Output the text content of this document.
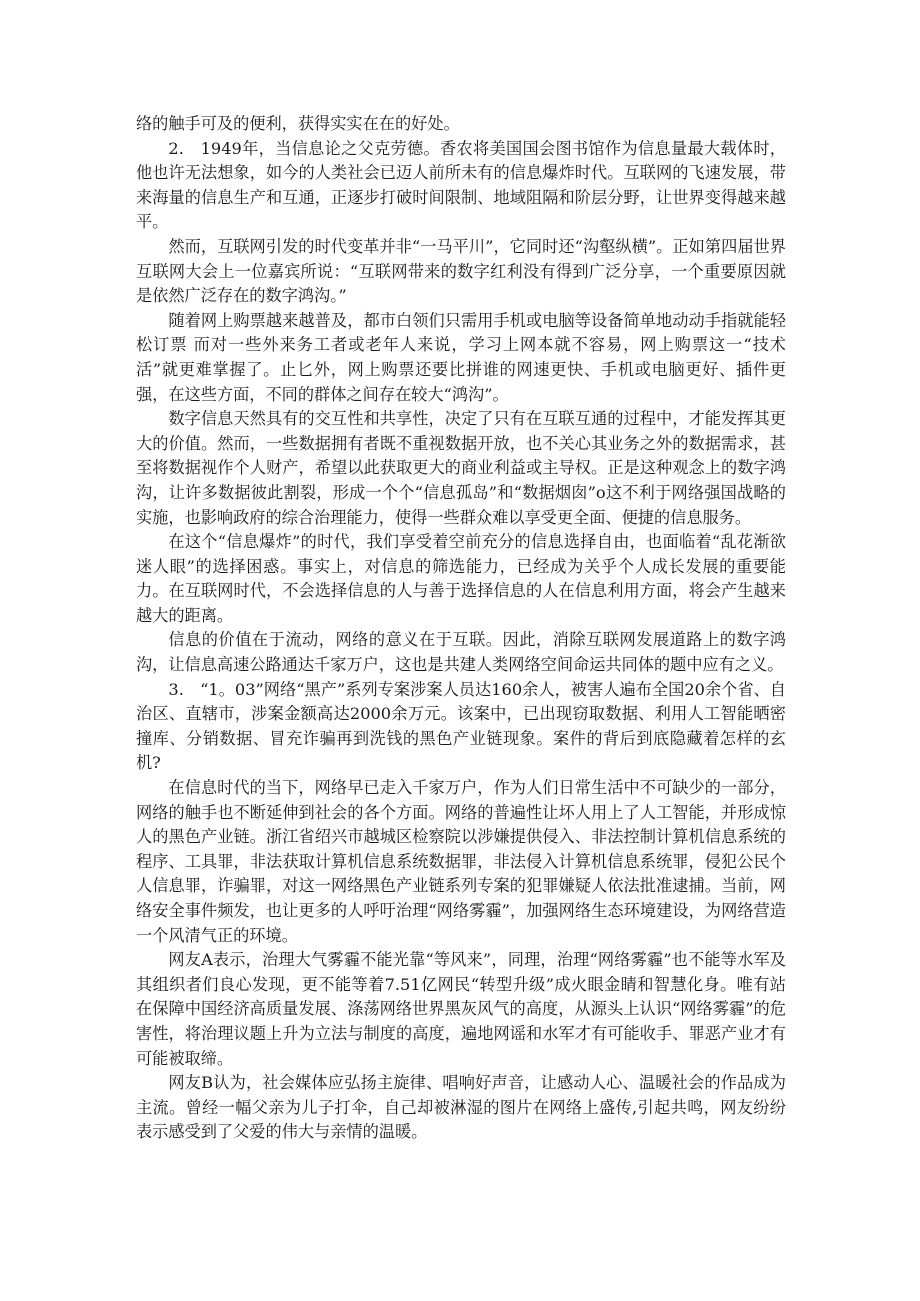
络的触手可及的便利，获得实实在在的好处。

2.　1949年，当信息论之父克劳德。香农将美国国会图书馆作为信息量最大载体时，他也许无法想象，如今的人类社会已迈人前所未有的信息爆炸时代。互联网的飞速发展，带来海量的信息生产和互通，正逐步打破时间限制、地域阻隔和阶层分野，让世界变得越来越平。

然而，互联网引发的时代变革并非“一马平川”，它同时还“沟壑纵横”。正如第四届世界互联网大会上一位嘉宾所说：“互联网带来的数字红利没有得到广泛分享，一个重要原因就是依然广泛存在的数字鸿沟。”

随着网上购票越来越普及，都市白领们只需用手机或电脑等设备简单地动动手指就能轻松订票 而对一些外来务工者或老年人来说，学习上网本就不容易，网上购票这一“技术活”就更难掌握了。止匕外，网上购票还要比拼谁的网速更快、手机或电脑更好、插件更强，在这些方面，不同的群体之间存在较大“鸿沟”。

数字信息天然具有的交互性和共享性，决定了只有在互联互通的过程中，才能发挥其更大的价值。然而，一些数据拥有者既不重视数据开放，也不关心其业务之外的数据需求，甚至将数据视作个人财产，希望以此获取更大的商业利益或主导权。正是这种观念上的数字鸿沟，让许多数据彼此割裂，形成一个个“信息孤岛”和“数据烟囱”o这不利于网络强国战略的实施，也影响政府的综合治理能力，使得一些群众难以享受更全面、便捷的信息服务。

在这个“信息爆炸”的时代，我们享受着空前充分的信息选择自由，也面临着“乱花渐欲迷人眼”的选择困惑。事实上，对信息的筛选能力，已经成为关乎个人成长发展的重要能力。在互联网时代，不会选择信息的人与善于选择信息的人在信息利用方面，将会产生越来越大的距离。

信息的价值在于流动，网络的意义在于互联。因此，消除互联网发展道路上的数字鸿沟，让信息高速公路通达千家万户，这也是共建人类网络空间命运共同体的题中应有之义。

3.　“1。03”网络“黑产”系列专案涉案人员达160余人，被害人遍布全国20余个省、自治区、直辖市，涉案金额高达2000余万元。该案中，已出现窃取数据、利用人工智能晒密撞库、分销数据、冒充诈骗再到洗钱的黑色产业链现象。案件的背后到底隐藏着怎样的玄机?

在信息时代的当下，网络早已走入千家万户，作为人们日常生活中不可缺少的一部分，网络的触手也不断延伸到社会的各个方面。网络的普遍性让坏人用上了人工智能，并形成惊人的黑色产业链。浙江省绍兴市越城区检察院以涉嫌提供侵入、非法控制计算机信息系统的程序、工具罪，非法获取计算机信息系统数据罪，非法侵入计算机信息系统罪，侵犯公民个人信息罪，诈骗罪，对这一网络黑色产业链系列专案的犯罪嫌疑人依法批准逮捕。当前，网络安全事件频发，也让更多的人呼吁治理“网络雾霾”，加强网络生态环境建设，为网络营造一个风清气正的环境。

网友A表示，治理大气雾霾不能光靠“等风来”，同理，治理“网络雾霾”也不能等水军及其组织者们良心发现，更不能等着7.51亿网民“转型升级”成火眼金睛和智慧化身。唯有站在保障中国经济高质量发展、涤荡网络世界黑灰风气的高度，从源头上认识“网络雾霾”的危害性，将治理议题上升为立法与制度的高度，遍地网谣和水军才有可能收手、罪恶产业才有可能被取缔。

网友B认为，社会媒体应弘扬主旋律、唱响好声音，让感动人心、温暖社会的作品成为主流。曾经一幅父亲为儿子打伞，自己却被淋湿的图片在网络上盛传,引起共鸣，网友纷纷表示感受到了父爱的伟大与亲情的温暖。
